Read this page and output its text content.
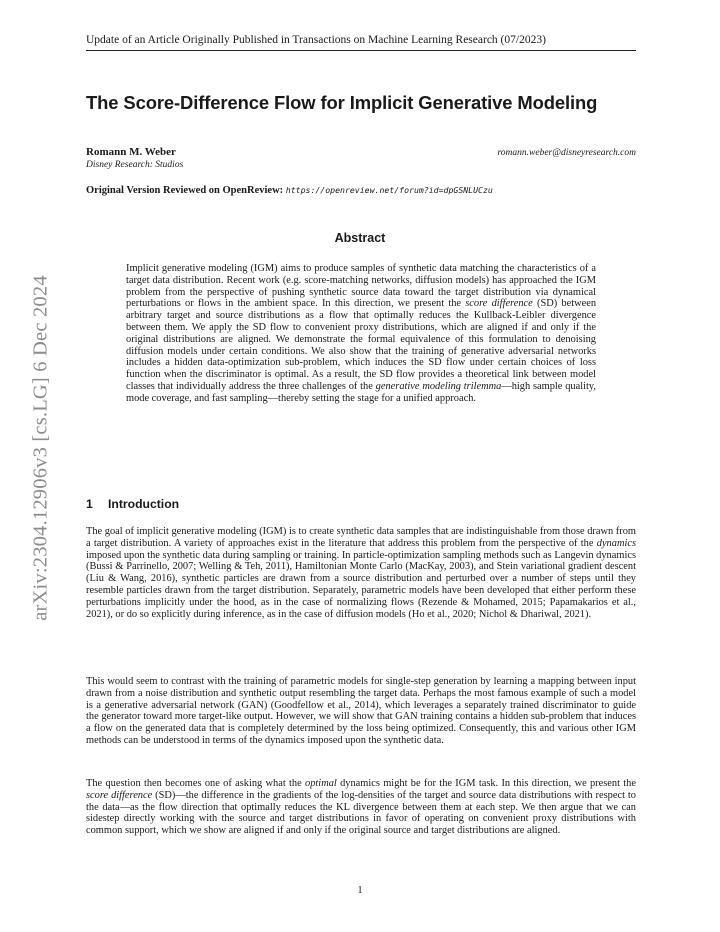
Update of an Article Originally Published in Transactions on Machine Learning Research (07/2023)
The Score-Difference Flow for Implicit Generative Modeling
Romann M. Weber
Disney Research: Studios
romann.weber@disneyresearch.com
Original Version Reviewed on OpenReview: https://openreview.net/forum?id=dpGSNLUCzu
arXiv:2304.12906v3 [cs.LG] 6 Dec 2024
Abstract

Implicit generative modeling (IGM) aims to produce samples of synthetic data matching the characteristics of a target data distribution. Recent work (e.g. score-matching networks, diffusion models) has approached the IGM problem from the perspective of pushing synthetic source data toward the target distribution via dynamical perturbations or flows in the ambient space. In this direction, we present the score difference (SD) between arbitrary target and source distributions as a flow that optimally reduces the Kullback-Leibler divergence between them. We apply the SD flow to convenient proxy distributions, which are aligned if and only if the original distributions are aligned. We demonstrate the formal equivalence of this formulation to denoising diffusion models under certain conditions. We also show that the training of generative adversarial networks includes a hidden data-optimization sub-problem, which induces the SD flow under certain choices of loss function when the discriminator is optimal. As a result, the SD flow provides a theoretical link between model classes that individually address the three challenges of the generative modeling trilemma—high sample quality, mode coverage, and fast sampling—thereby setting the stage for a unified approach.

1 Introduction

The goal of implicit generative modeling (IGM) is to create synthetic data samples that are indistinguishable from those drawn from a target distribution. A variety of approaches exist in the literature that address this problem from the perspective of the dynamics imposed upon the synthetic data during sampling or training. In particle-optimization sampling methods such as Langevin dynamics (Bussi & Parrinello, 2007; Welling & Teh, 2011), Hamiltonian Monte Carlo (MacKay, 2003), and Stein variational gradient descent (Liu & Wang, 2016), synthetic particles are drawn from a source distribution and perturbed over a number of steps until they resemble particles drawn from the target distribution. Separately, parametric models have been developed that either perform these perturbations implicitly under the hood, as in the case of normalizing flows (Rezende & Mohamed, 2015; Papamakarios et al., 2021), or do so explicitly during inference, as in the case of diffusion models (Ho et al., 2020; Nichol & Dhariwal, 2021).

This would seem to contrast with the training of parametric models for single-step generation by learning a mapping between input drawn from a noise distribution and synthetic output resembling the target data. Perhaps the most famous example of such a model is a generative adversarial network (GAN) (Goodfellow et al., 2014), which leverages a separately trained discriminator to guide the generator toward more target-like output. However, we will show that GAN training contains a hidden sub-problem that induces a flow on the generated data that is completely determined by the loss being optimized. Consequently, this and various other IGM methods can be understood in terms of the dynamics imposed upon the synthetic data.

The question then becomes one of asking what the optimal dynamics might be for the IGM task. In this direction, we present the score difference (SD)—the difference in the gradients of the log-densities of the target and source data distributions with respect to the data—as the flow direction that optimally reduces the KL divergence between them at each step. We then argue that we can sidestep directly working with the source and target distributions in favor of operating on convenient proxy distributions with common support, which we show are aligned if and only if the original source and target distributions are aligned.

1
